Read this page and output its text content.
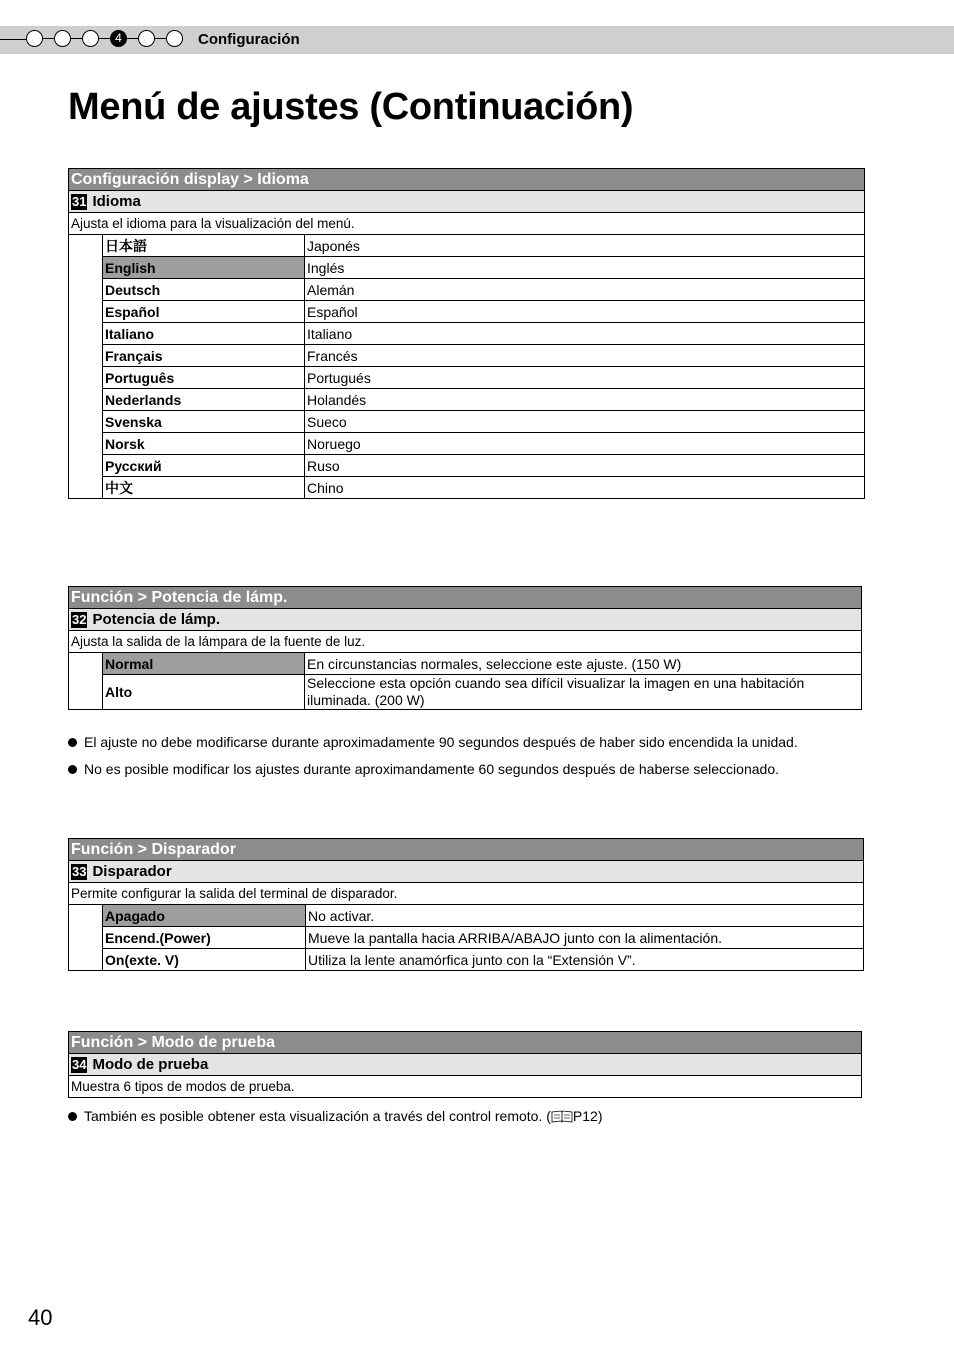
4	Configuración
Menú de ajustes (Continuación)
Configuración display > Idioma		
31 Idioma		
Ajusta el idioma para la visualización del menú.		
	日本語	Japonés
	English	Inglés
	Deutsch	Alemán
	Español	Español
	Italiano	Italiano
	Français	Francés
	Português	Portugués
	Nederlands	Holandés
	Svenska	Sueco
	Norsk	Noruego
	Русский	Ruso
	中文	Chino
Función > Potencia de lámp.		
32 Potencia de lámp.		
Ajusta la salida de la lámpara de la fuente de luz.		
	Normal	En circunstancias normales, seleccione este ajuste. (150 W)
	Alto	Seleccione esta opción cuando sea difícil visualizar la imagen en una habitación iluminada. (200 W)
El ajuste no debe modificarse durante aproximadamente 90 segundos después de haber sido encendida la unidad.
No es posible modificar los ajustes durante aproximandamente 60 segundos después de haberse seleccionado.
Función > Disparador		
33 Disparador		
Permite configurar la salida del terminal de disparador.		
	Apagado	No activar.
	Encend.(Power)	Mueve la pantalla hacia ARRIBA/ABAJO junto con la alimentación.
	On(exte. V)	Utiliza la lente anamórfica junto con la “Extensión V”.
Función > Modo de prueba
34 Modo de prueba
Muestra 6 tipos de modos de prueba.
También es posible obtener esta visualización a través del control remoto. ( P12)
40
